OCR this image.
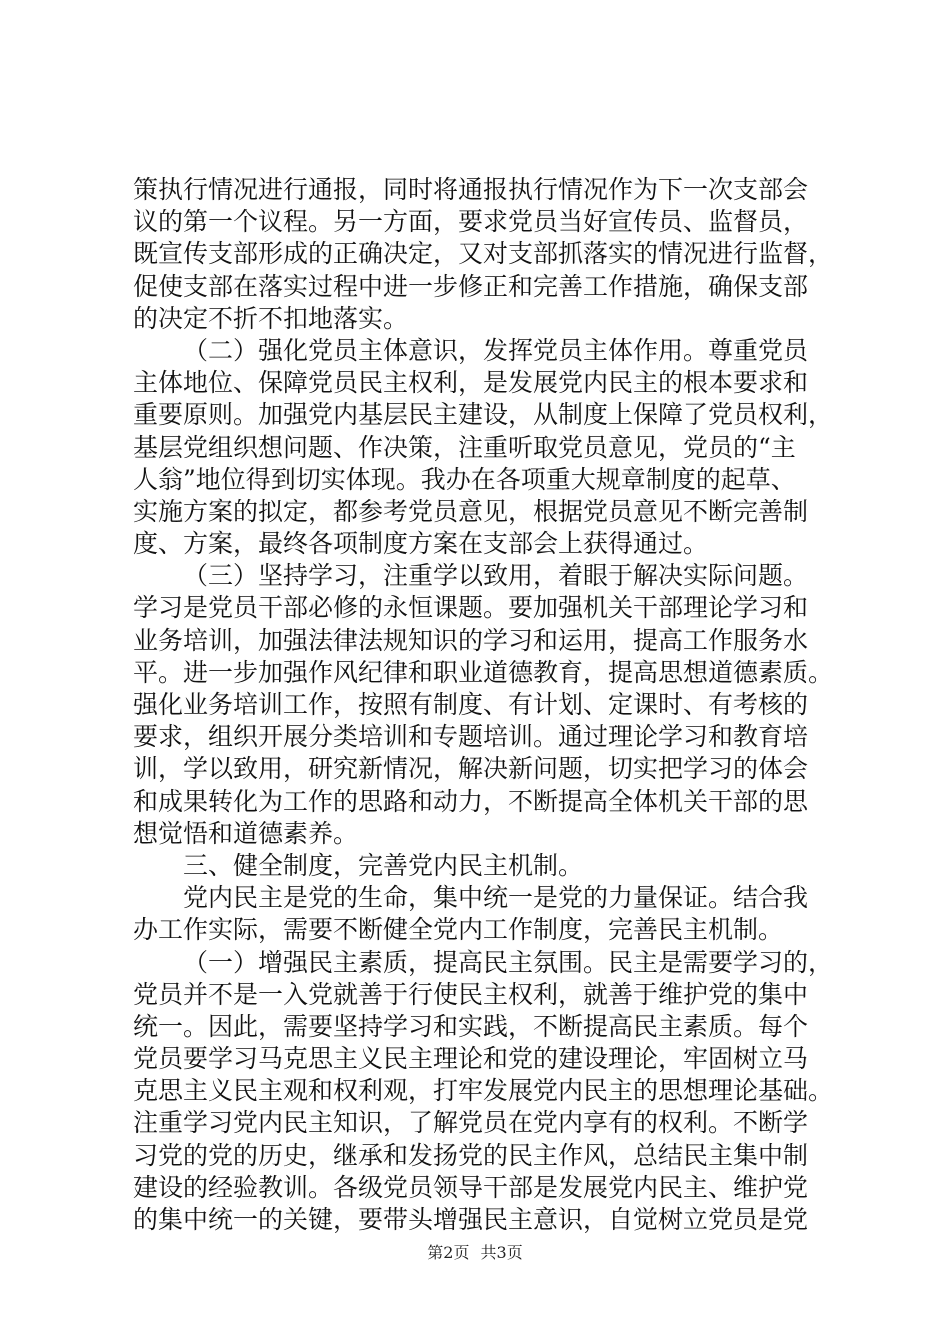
策执行情况进行通报，同时将通报执行情况作为下一次支部会
议的第一个议程。另一方面，要求党员当好宣传员、监督员，
既宣传支部形成的正确决定，又对支部抓落实的情况进行监督，
促使支部在落实过程中进一步修正和完善工作措施，确保支部
的决定不折不扣地落实。
（二）强化党员主体意识，发挥党员主体作用。尊重党员
主体地位、保障党员民主权利，是发展党内民主的根本要求和
重要原则。加强党内基层民主建设，从制度上保障了党员权利，
基层党组织想问题、作决策，注重听取党员意见，党员的“主
人翁”地位得到切实体现。我办在各项重大规章制度的起草、
实施方案的拟定，都参考党员意见，根据党员意见不断完善制
度、方案，最终各项制度方案在支部会上获得通过。
（三）坚持学习，注重学以致用，着眼于解决实际问题。
学习是党员干部必修的永恒课题。要加强机关干部理论学习和
业务培训，加强法律法规知识的学习和运用，提高工作服务水
平。进一步加强作风纪律和职业道德教育，提高思想道德素质。
强化业务培训工作，按照有制度、有计划、定课时、有考核的
要求，组织开展分类培训和专题培训。通过理论学习和教育培
训，学以致用，研究新情况，解决新问题，切实把学习的体会
和成果转化为工作的思路和动力，不断提高全体机关干部的思
想觉悟和道德素养。
三、健全制度，完善党内民主机制。
党内民主是党的生命，集中统一是党的力量保证。结合我
办工作实际，需要不断健全党内工作制度，完善民主机制。
（一）增强民主素质，提高民主氛围。民主是需要学习的，
党员并不是一入党就善于行使民主权利，就善于维护党的集中
统一。因此，需要坚持学习和实践，不断提高民主素质。每个
党员要学习马克思主义民主理论和党的建设理论，牢固树立马
克思主义民主观和权利观，打牢发展党内民主的思想理论基础。
注重学习党内民主知识，了解党员在党内享有的权利。不断学
习党的党的历史，继承和发扬党的民主作风，总结民主集中制
建设的经验教训。各级党员领导干部是发展党内民主、维护党
的集中统一的关键，要带头增强民主意识，自觉树立党员是党
第2页 共3页
